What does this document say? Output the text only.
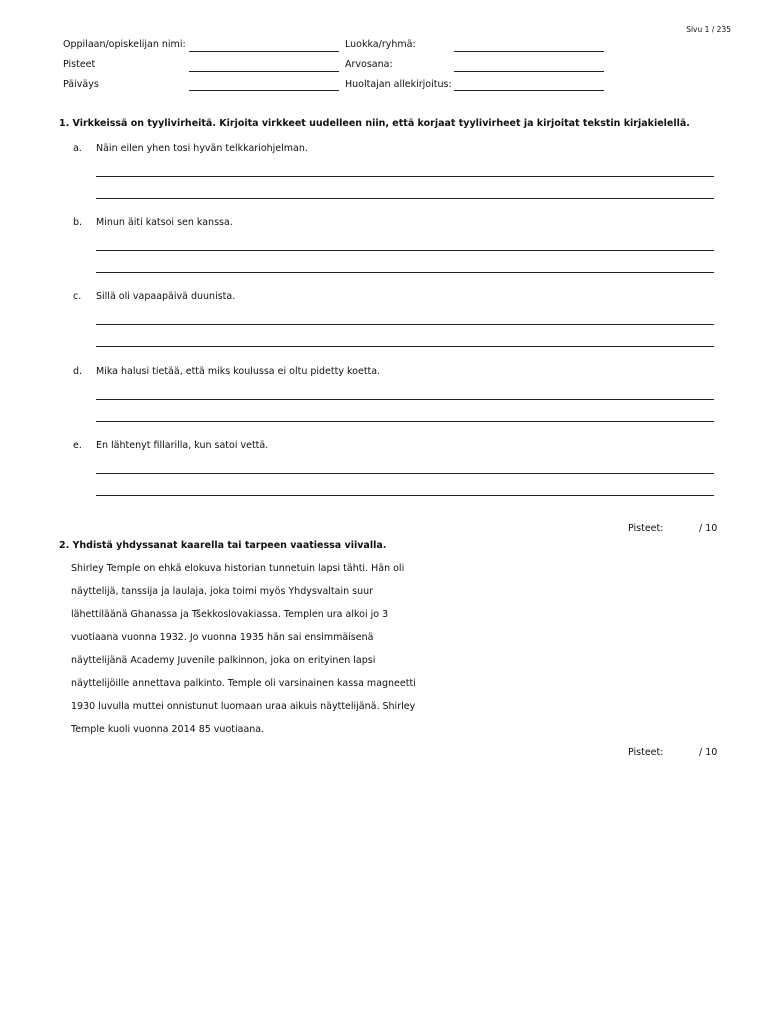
Sivu 1 / 235
Oppilaan/opiskelijan nimi:	Luokka/ryhmä:
Pisteet	Arvosana:
Päiväys	Huoltajan allekirjoitus:
1. Virkkeissä on tyylivirheitä. Kirjoita virkkeet uudelleen niin, että korjaat tyylivirheet ja kirjoitat tekstin kirjakielellä.
a. Näin eilen yhen tosi hyvän telkkariohjelman.
b. Minun äiti katsoi sen kanssa.
c. Sillä oli vapaapäivä duunista.
d. Mika halusi tietää, että miks koulussa ei oltu pidetty koetta.
e. En lähtenyt fillarilla, kun satoi vettä.
Pisteet:	/ 10
2. Yhdistä yhdyssanat kaarella tai tarpeen vaatiessa viivalla.
Shirley Temple on ehkä elokuva historian tunnetuin lapsi tähti. Hän oli
näyttelijä, tanssija ja laulaja, joka toimi myös Yhdysvaltain suur
lähettiläänä Ghanassa ja Tšekkoslovakiassa. Templen ura alkoi jo 3
vuotiaana vuonna 1932. Jo vuonna 1935 hän sai ensimmäisenä
näyttelijänä Academy Juvenile palkinnon, joka on erityinen lapsi
näyttelijöille annettava palkinto. Temple oli varsinainen kassa magneetti
1930 luvulla muttei onnistunut luomaan uraa aikuis näyttelijänä. Shirley
Temple kuoli vuonna 2014 85 vuotiaana.
Pisteet:	/ 10
